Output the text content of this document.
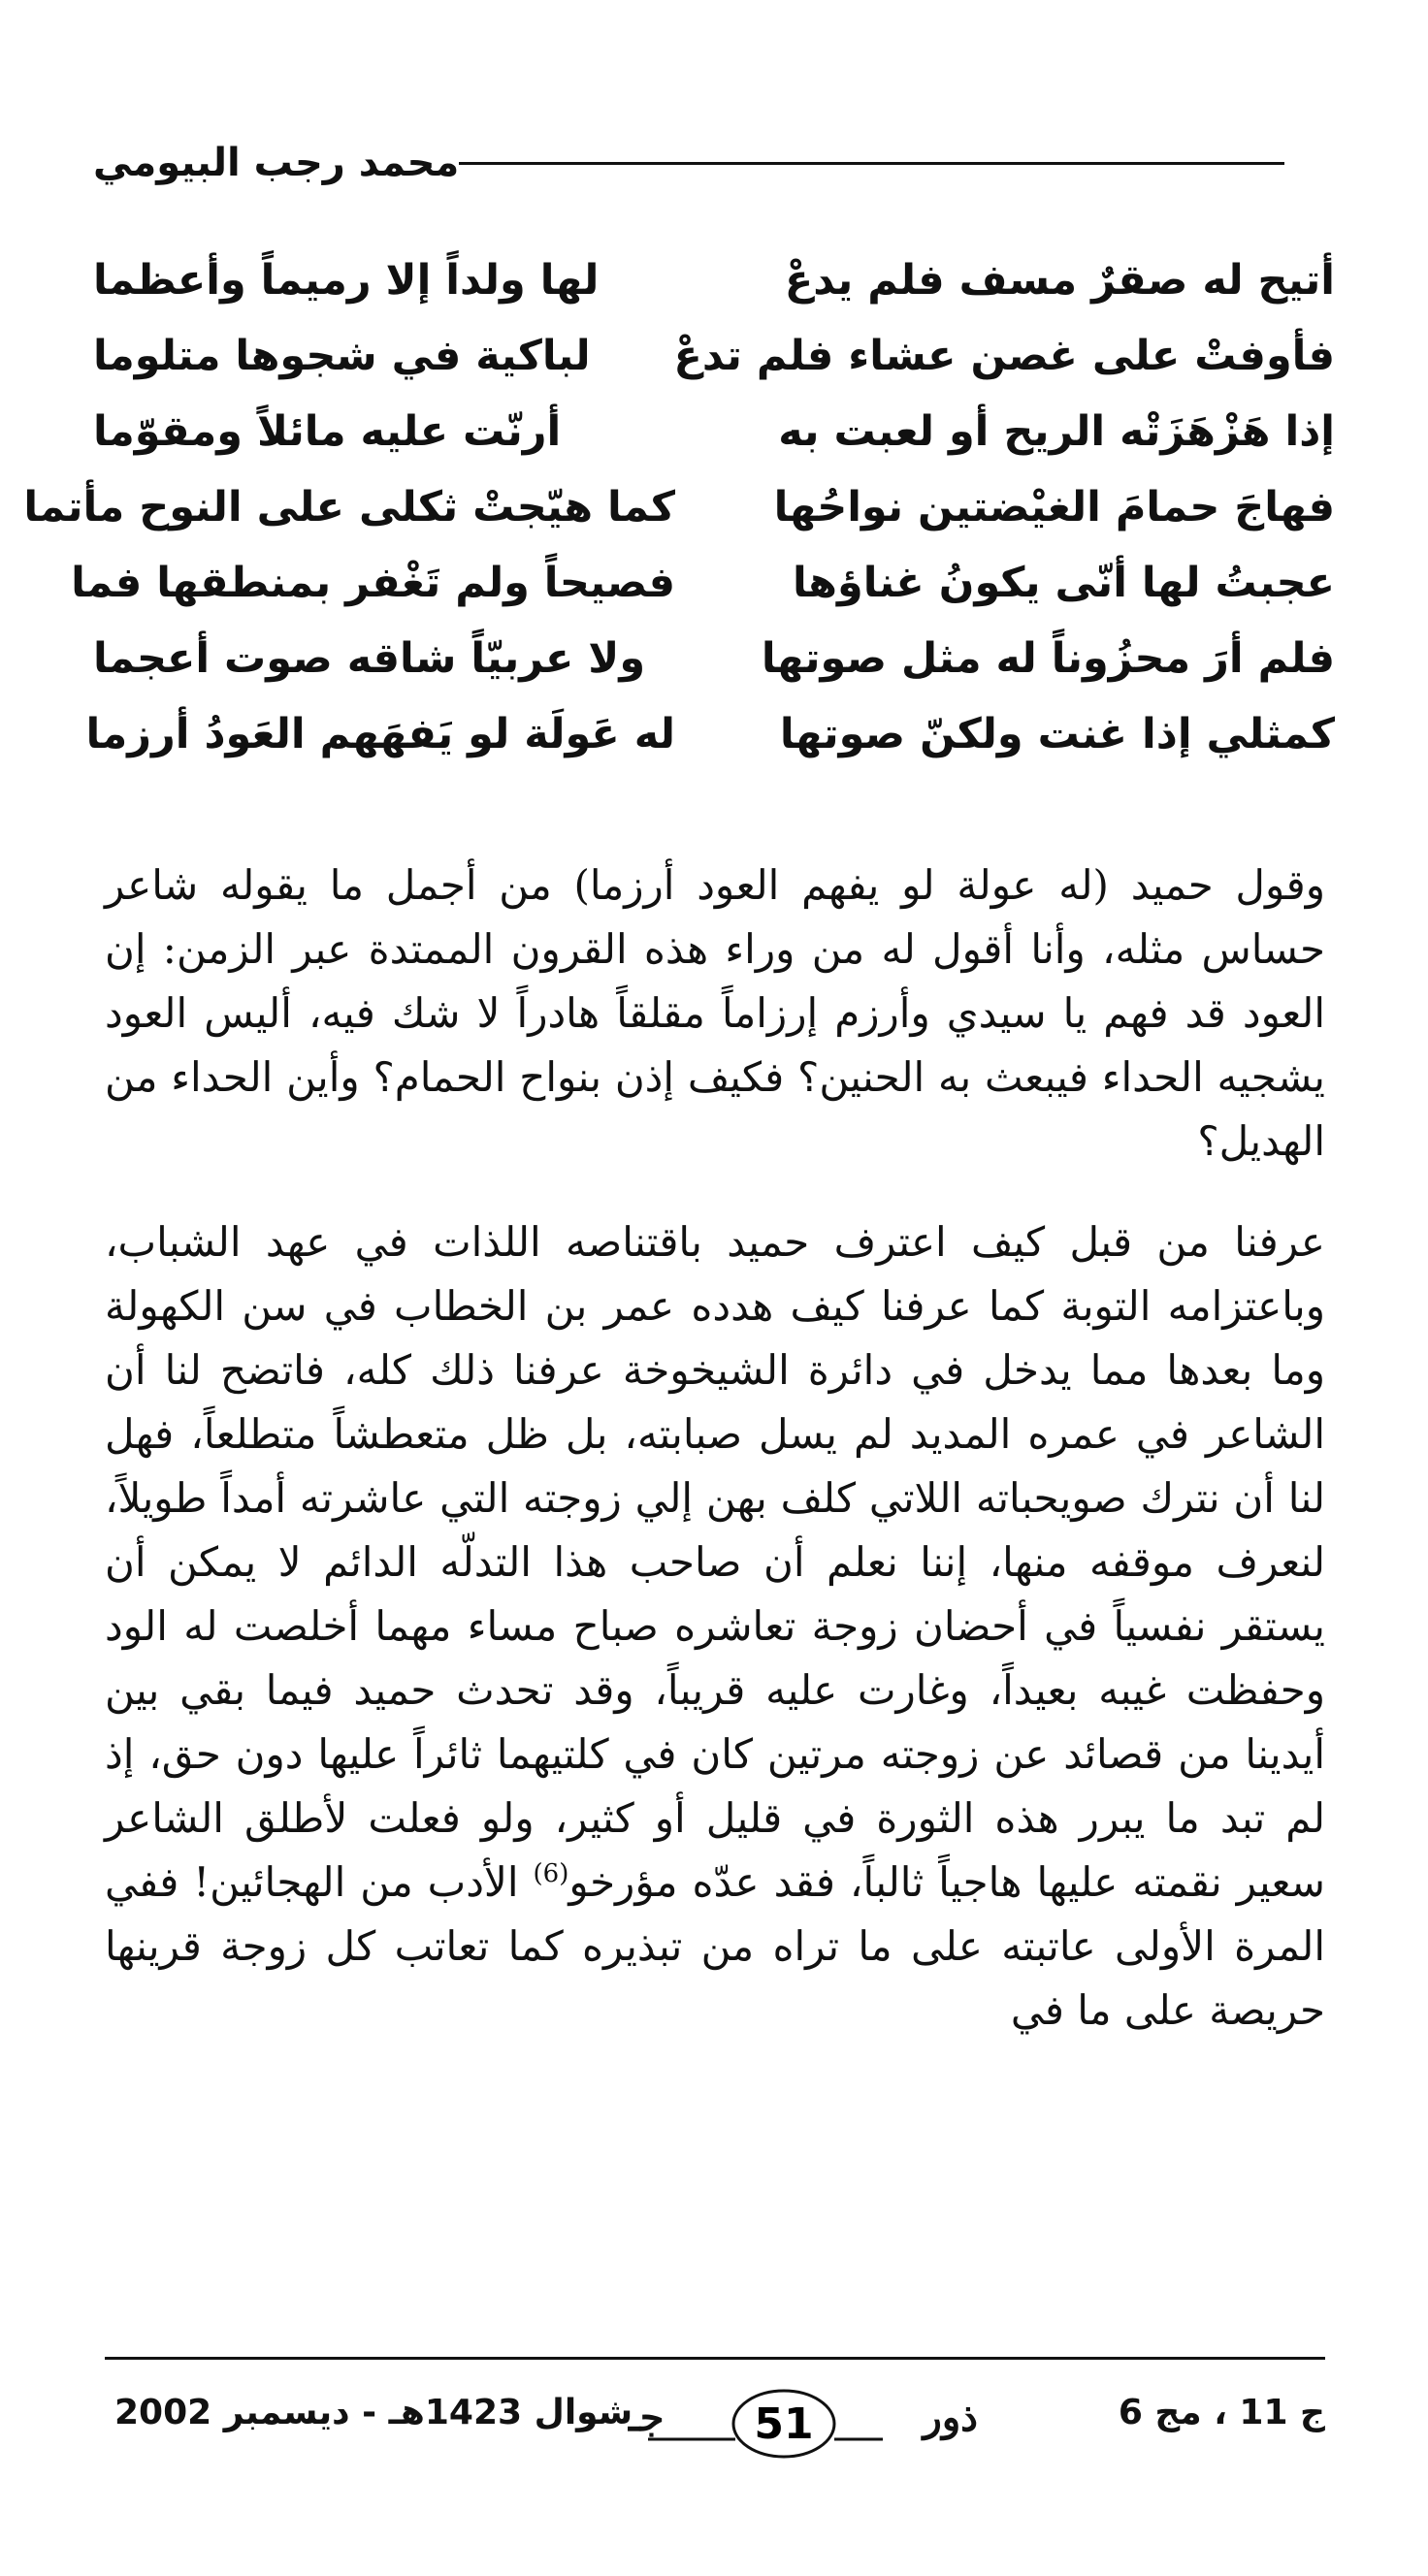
محمد رجب البيومي
أتيح له صقرٌ مسف فلم يدعْ
لها ولداً إلا رميماً وأعظما
فأوفتْ على غصن عشاء فلم تدعْ
لباكية في شجوها متلوما
إذا هَزْهَزَتْه الريح أو لعبت به
أرنّت عليه مائلاً ومقوّما
فهاجَ حمامَ الغيْضتين نواحُها
كما هيّجتْ ثكلى على النوح مأتما
عجبتُ لها أنّى يكونُ غناؤها
فصيحاً ولم تَغْفر بمنطقها فما
فلم أرَ محزُوناً له مثل صوتها
ولا عربيّاً شاقه صوت أعجما
كمثلي إذا غنت ولكنّ صوتها
له عَولَة لو يَفهَهم العَودُ أرزما

وقول حميد (له عولة لو يفهم العود أرزما) من أجمل ما يقوله شاعر حساس مثله، وأنا أقول له من وراء هذه القرون الممتدة عبر الزمن: إن العود قد فهم يا سيدي وأرزم إرزاماً مقلقاً هادراً لا شك فيه، أليس العود يشجيه الحداء فيبعث به الحنين؟ فكيف إذن بنواح الحمام؟ وأين الحداء من الهديل؟

عرفنا من قبل كيف اعترف حميد باقتناصه اللذات في عهد الشباب، وباعتزامه التوبة كما عرفنا كيف هدده عمر بن الخطاب في سن الكهولة وما بعدها مما يدخل في دائرة الشيخوخة عرفنا ذلك كله، فاتضح لنا أن الشاعر في عمره المديد لم يسل صبابته، بل ظل متعطشاً متطلعاً، فهل لنا أن نترك صويحباته اللاتي كلف بهن إلي زوجته التي عاشرته أمداً طويلاً، لنعرف موقفه منها، إننا نعلم أن صاحب هذا التدلّه الدائم لا يمكن أن يستقر نفسياً في أحضان زوجة تعاشره صباح مساء مهما أخلصت له الود وحفظت غيبه بعيداً، وغارت عليه قريباً، وقد تحدث حميد فيما بقي بين أيدينا من قصائد عن زوجته مرتين كان في كلتيهما ثائراً عليها دون حق، إذ لم تبد ما يبرر هذه الثورة في قليل أو كثير، ولو فعلت لأطلق الشاعر سعير نقمته عليها هاجياً ثالباً، فقد عدّه مؤرخو$^{(6)}$ الأدب من الهجائين! ففي المرة الأولى عاتبته على ما تراه من تبذيره كما تعاتب كل زوجة قرينها حريصة على ما في

ج 11 ، مج 6
51	ذور
جـ
شوال 1423هـ - ديسمبر 2002
